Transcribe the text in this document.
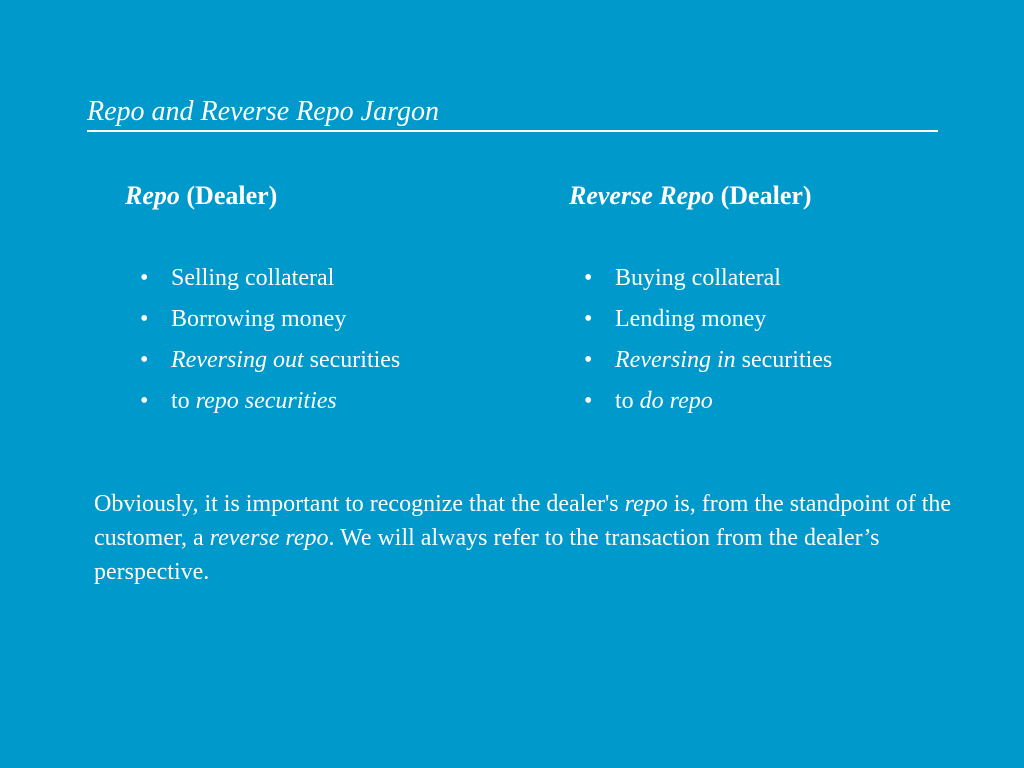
Repo and Reverse Repo Jargon
Repo (Dealer)
• Selling collateral
• Borrowing money
• Reversing out securities
• to repo securities
Reverse Repo (Dealer)
• Buying collateral
• Lending money
• Reversing in securities
• to do repo

Obviously, it is important to recognize that the dealer's repo is, from the standpoint of the customer, a reverse repo. We will always refer to the transaction from the dealer’s perspective.
